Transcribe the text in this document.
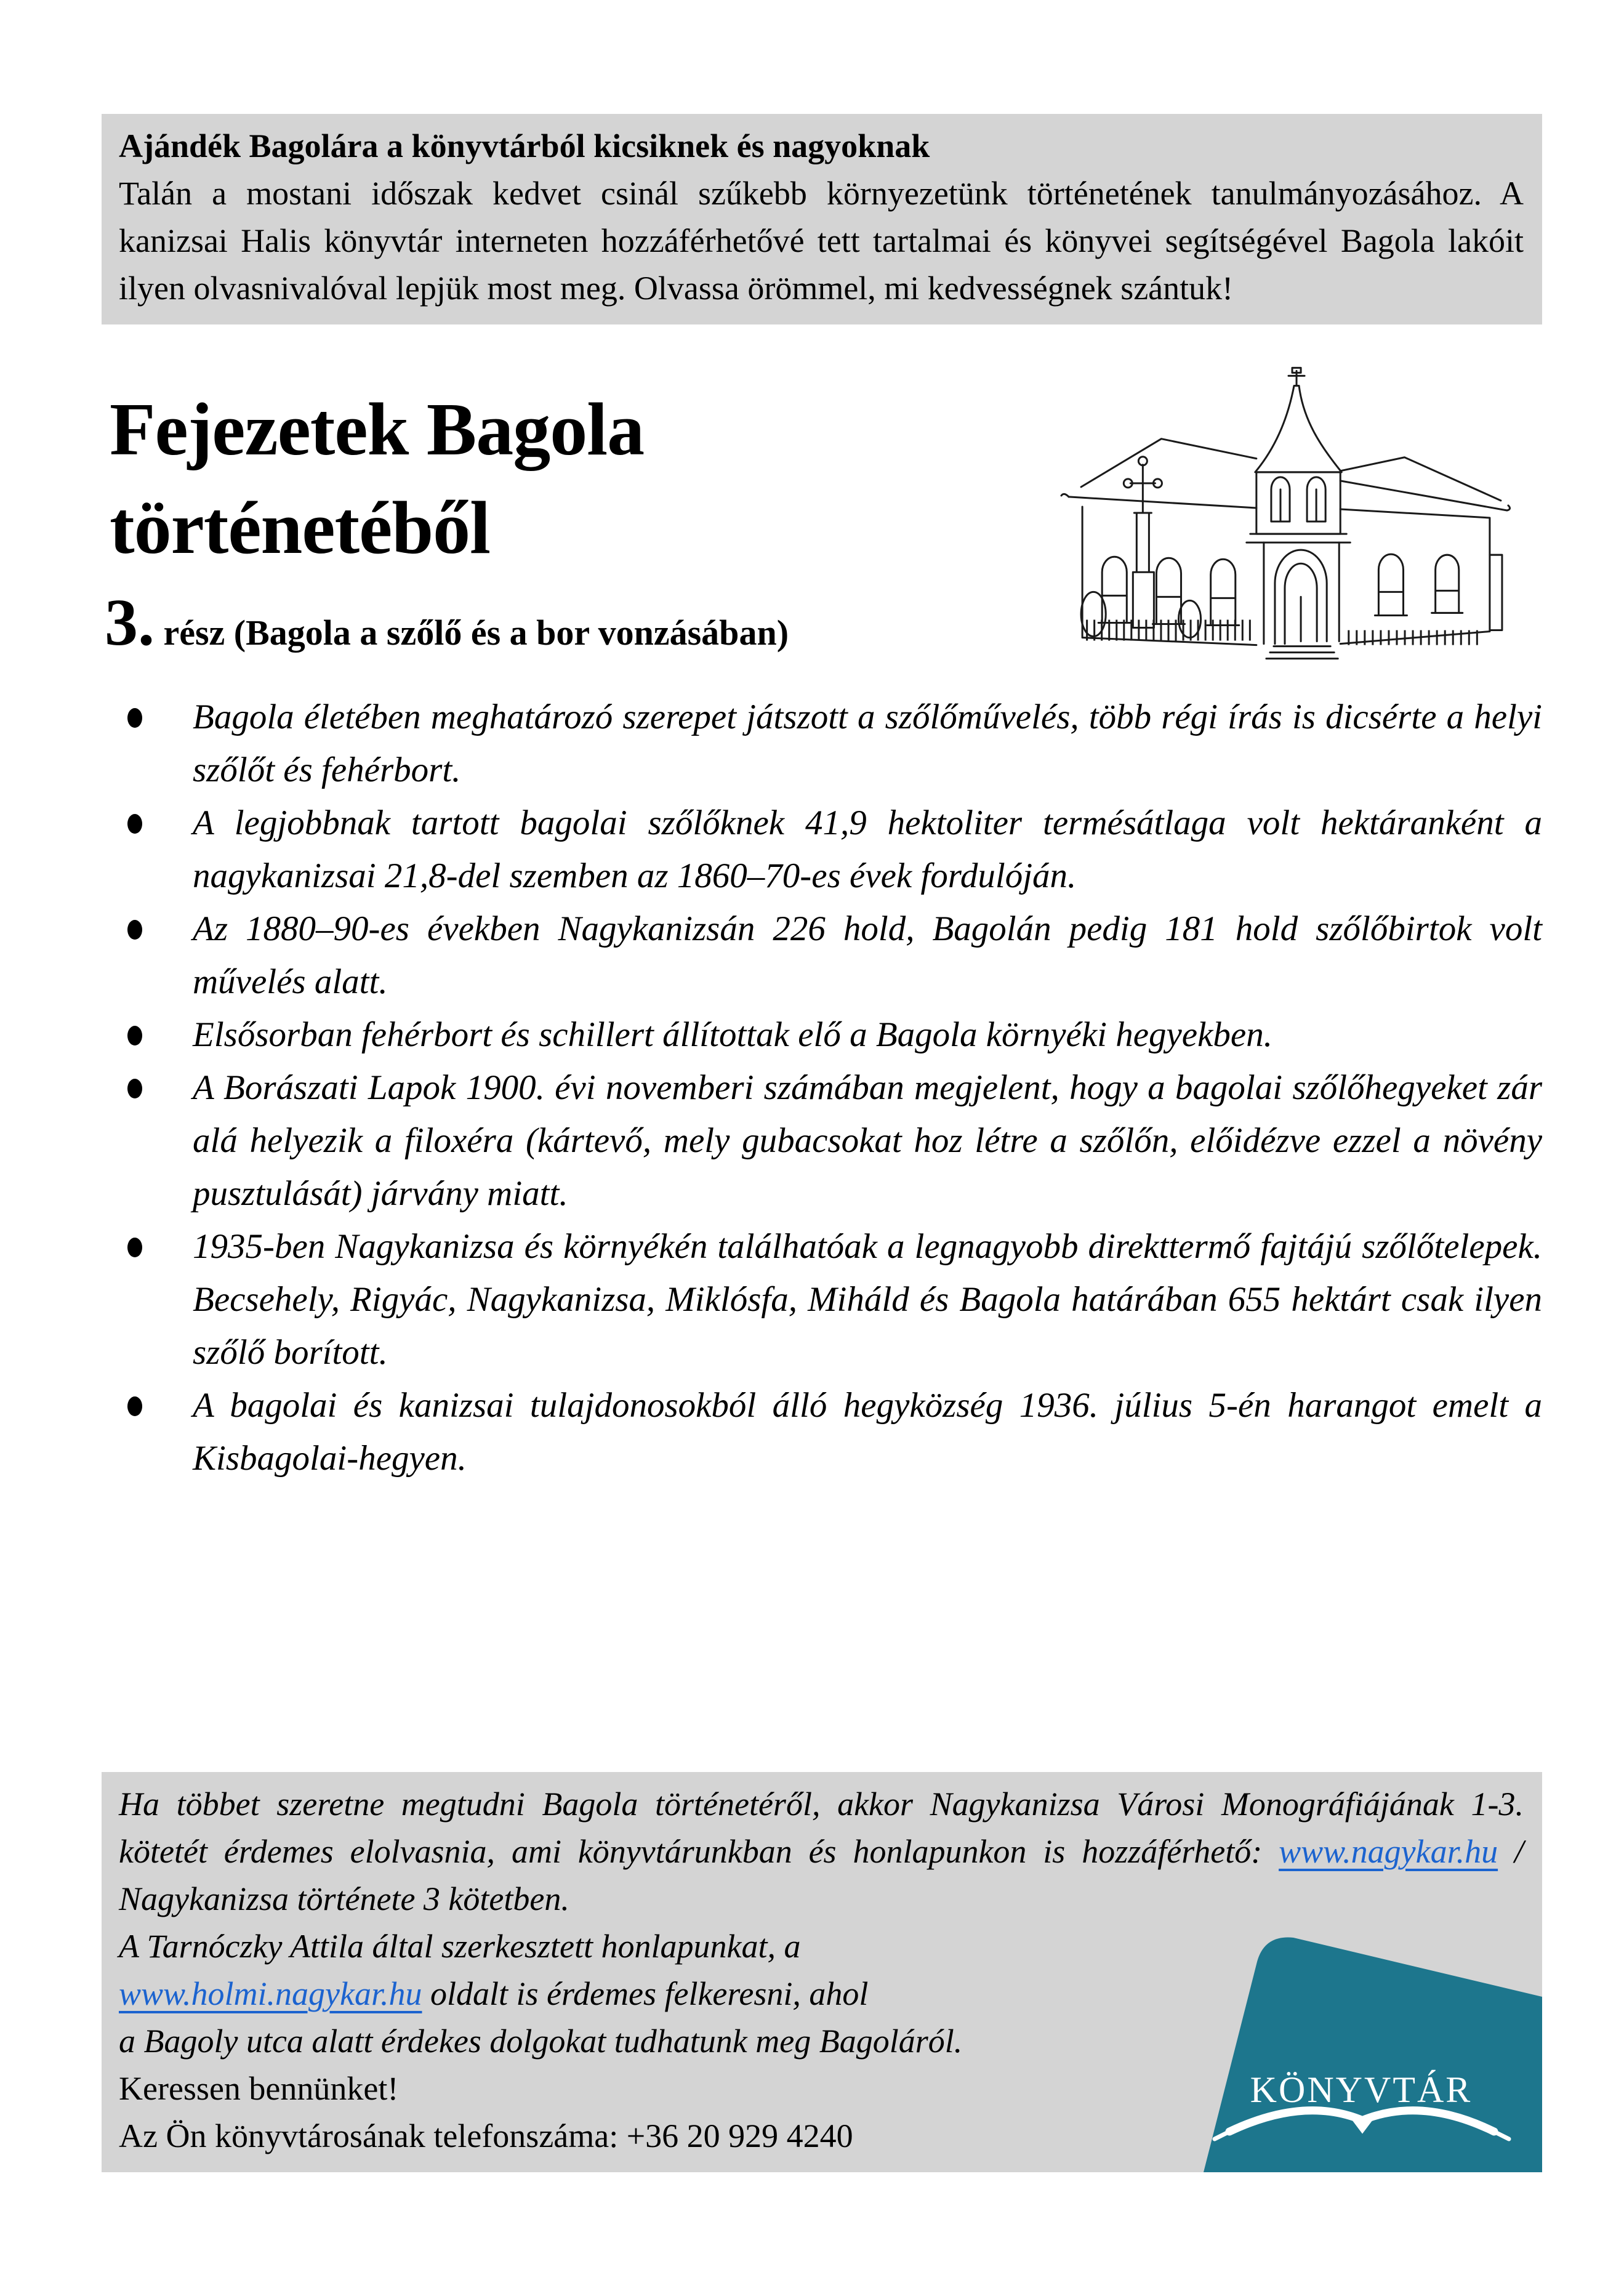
Ajándék Bagolára a könyvtárból kicsiknek és nagyoknak

Talán a mostani időszak kedvet csinál szűkebb környezetünk történetének tanulmányozásához. A kanizsai Halis könyvtár interneten hozzáférhetővé tett tartalmai és könyvei segítségével Bagola lakóit ilyen olvasnivalóval lepjük most meg. Olvassa örömmel, mi kedvességnek szántuk!

Fejezetek Bagola
történetéből
3. rész (Bagola a szőlő és a bor vonzásában)
Bagola életében meghatározó szerepet játszott a szőlőművelés, több régi írás is dicsérte a helyi szőlőt és fehérbort.
A legjobbnak tartott bagolai szőlőknek 41,9 hektoliter termésátlaga volt hektáranként a nagykanizsai 21,8-del szemben az 1860–70-es évek fordulóján.
Az 1880–90-es években Nagykanizsán 226 hold, Bagolán pedig 181 hold szőlőbirtok volt művelés alatt.
Elsősorban fehérbort és schillert állítottak elő a Bagola környéki hegyekben.
A Borászati Lapok 1900. évi novemberi számában megjelent, hogy a bagolai szőlőhegyeket zár alá helyezik a filoxéra (kártevő, mely gubacsokat hoz létre a szőlőn, előidézve ezzel a növény pusztulását) járvány miatt.
1935-ben Nagykanizsa és környékén találhatóak a legnagyobb direkttermő fajtájú szőlőtelepek. Becsehely, Rigyác, Nagykanizsa, Miklósfa, Miháld és Bagola határában 655 hektárt csak ilyen szőlő borított.
A bagolai és kanizsai tulajdonosokból álló hegyközség 1936. július 5-én harangot emelt a Kisbagolai-hegyen.

Ha többet szeretne megtudni Bagola történetéről, akkor Nagykanizsa Városi Monográfiájának 1-3. kötetét érdemes elolvasnia, ami könyvtárunkban és honlapunkon is hozzáférhető: www.nagykar.hu / Nagykanizsa története 3 kötetben.

A Tarnóczky Attila által szerkesztett honlapunkat, a
www.holmi.nagykar.hu oldalt is érdemes felkeresni, ahol
a Bagoly utca alatt érdekes dolgokat tudhatunk meg Bagoláról.

Keressen bennünket!

Az Ön könyvtárosának telefonszáma: +36 20 929 4240

KÖNYVTÁR
